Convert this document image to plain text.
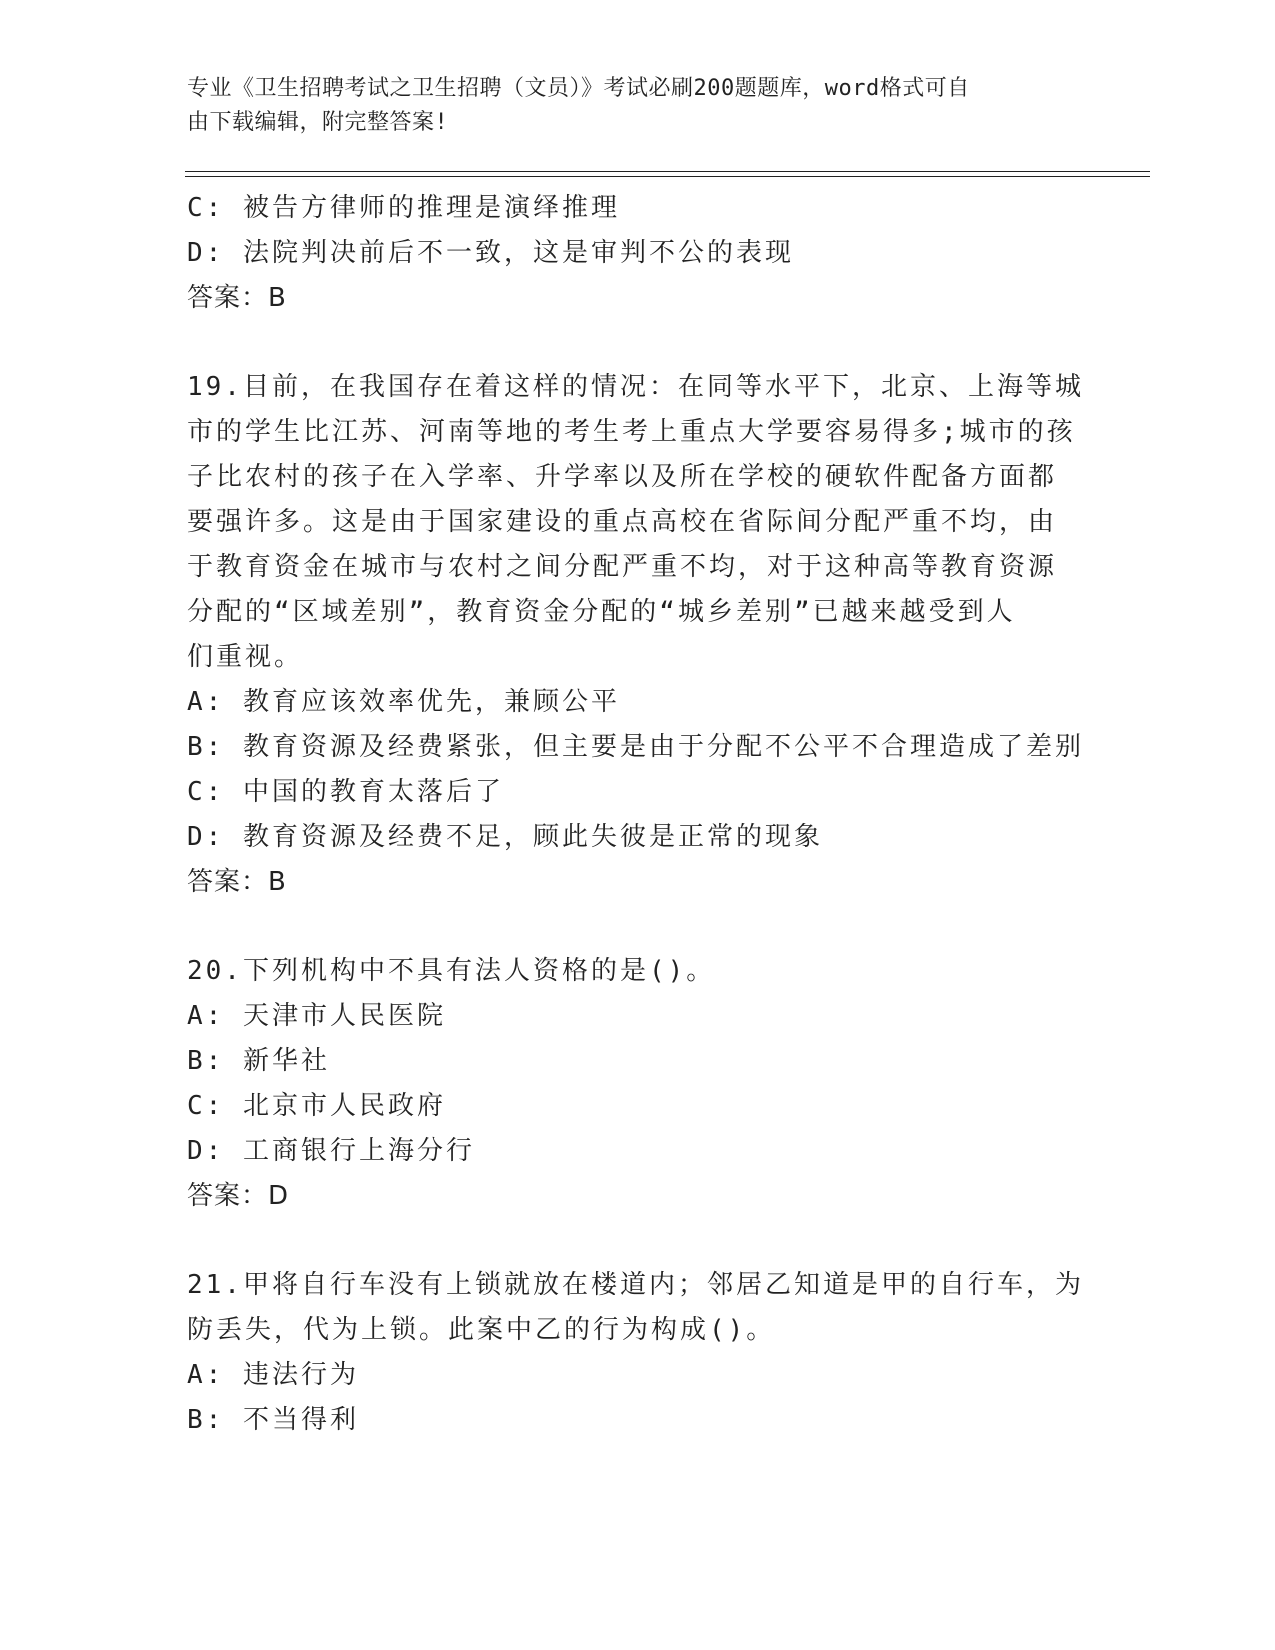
专业《卫生招聘考试之卫生招聘（文员）》考试必刷200题题库，word格式可自
由下载编辑，附完整答案!
C: 被告方律师的推理是演绎推理
D: 法院判决前后不一致，这是审判不公的表现
答案：B
19.目前，在我国存在着这样的情况：在同等水平下，北京、上海等城
市的学生比江苏、河南等地的考生考上重点大学要容易得多;城市的孩
子比农村的孩子在入学率、升学率以及所在学校的硬软件配备方面都
要强许多。这是由于国家建设的重点高校在省际间分配严重不均，由
于教育资金在城市与农村之间分配严重不均，对于这种高等教育资源
分配的“区域差别”，教育资金分配的“城乡差别”已越来越受到人
们重视。
A: 教育应该效率优先，兼顾公平
B: 教育资源及经费紧张，但主要是由于分配不公平不合理造成了差别
C: 中国的教育太落后了
D: 教育资源及经费不足，顾此失彼是正常的现象
答案：B
20.下列机构中不具有法人资格的是()。
A: 天津市人民医院
B: 新华社
C: 北京市人民政府
D: 工商银行上海分行
答案：D
21.甲将自行车没有上锁就放在楼道内；邻居乙知道是甲的自行车，为
防丢失，代为上锁。此案中乙的行为构成()。
A: 违法行为
B: 不当得利
